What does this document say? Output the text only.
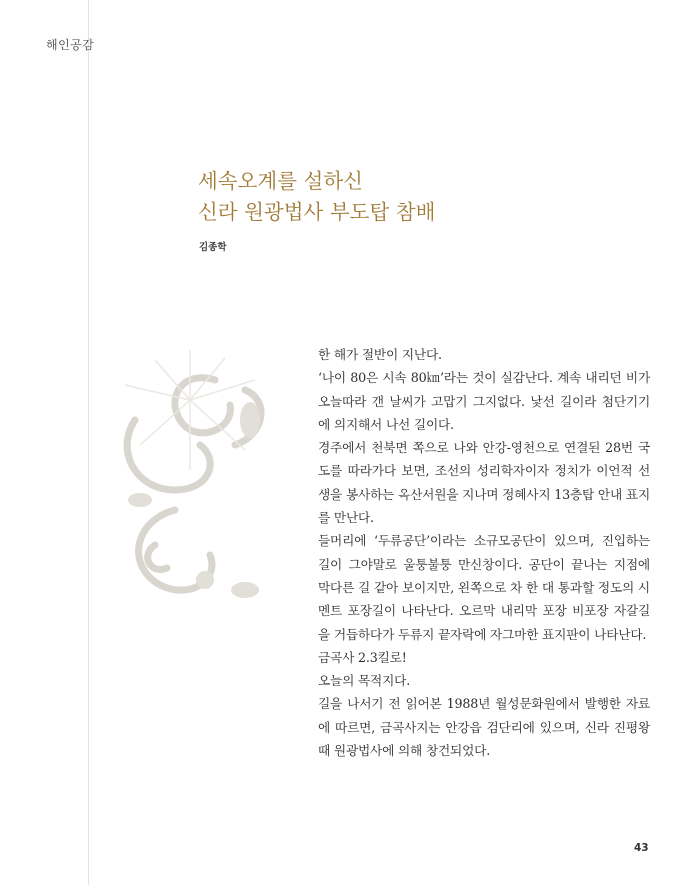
해인공감
세속오계를 설하신
신라 원광법사 부도탑 참배
김종학

한 해가 절반이 지난다.

‘나이 80은 시속 80㎞’라는 것이 실감난다. 계속 내리던 비가 오늘따라 갠 날씨가 고맙기 그지없다. 낯선 길이라 첨단기기에 의지해서 나선 길이다.

경주에서 천북면 쪽으로 나와 안강-영천으로 연결된 28번 국도를 따라가다 보면, 조선의 성리학자이자 정치가 이언적 선생을 봉사하는 옥산서원을 지나며 정혜사지 13층탑 안내 표지를 만난다.

들머리에 ‘두류공단’이라는 소규모공단이 있으며, 진입하는 길이 그야말로 울퉁불퉁 만신창이다. 공단이 끝나는 지점에 막다른 길 같아 보이지만, 왼쪽으로 차 한 대 통과할 정도의 시멘트 포장길이 나타난다. 오르막 내리막 포장 비포장 자갈길을 거듭하다가 두류지 끝자락에 자그마한 표지판이 나타난다.

금곡사 2.3킬로!

오늘의 목적지다.

길을 나서기 전 읽어본 1988년 월성문화원에서 발행한 자료에 따르면, 금곡사지는 안강읍 검단리에 있으며, 신라 진평왕 때 원광법사에 의해 창건되었다.

43
